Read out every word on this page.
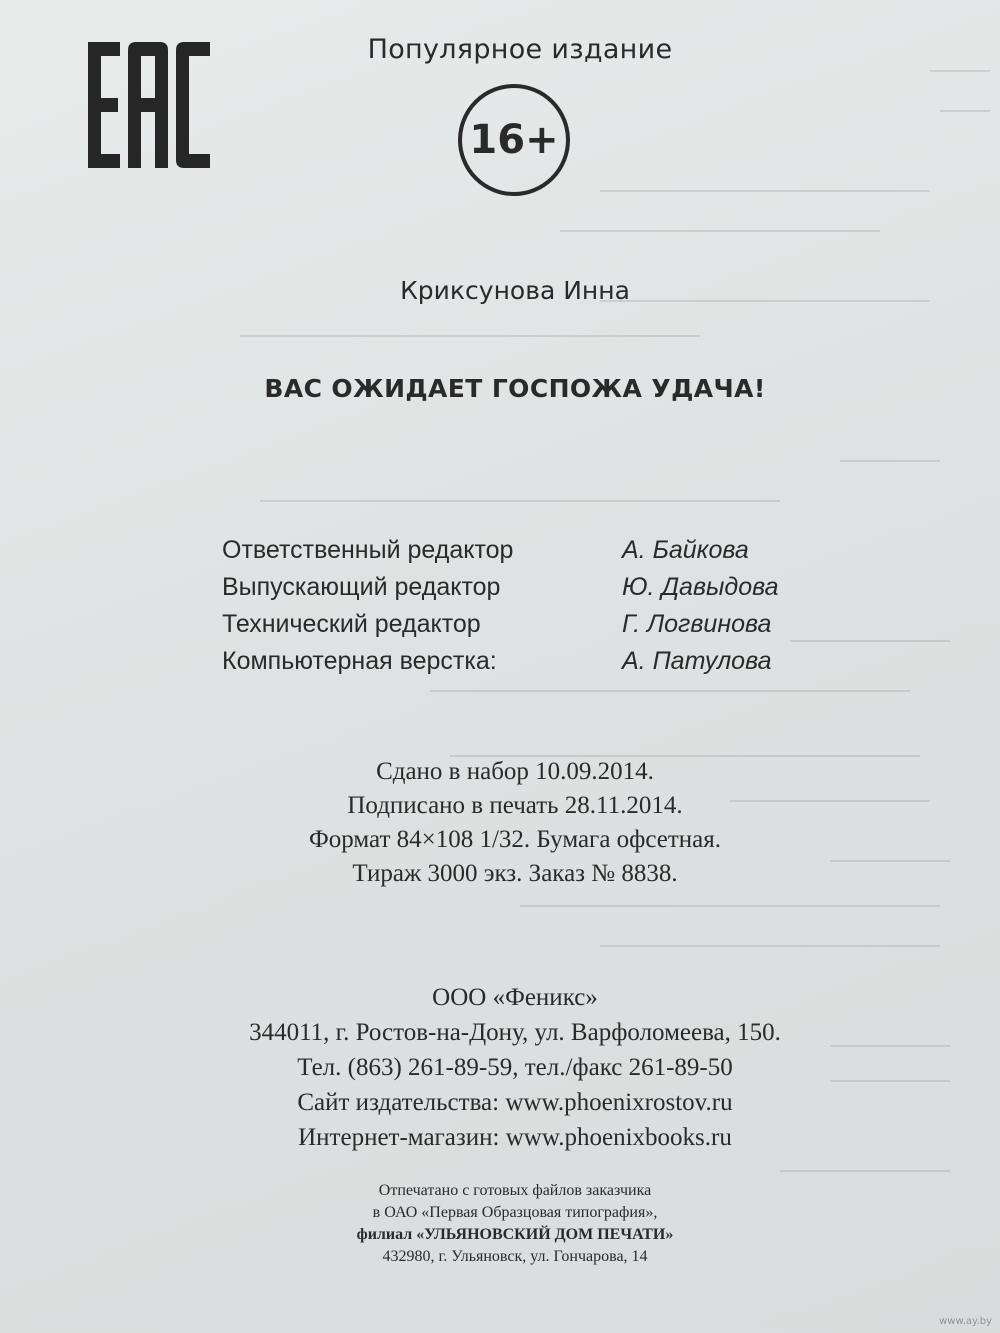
Популярное издание
16+
Криксунова Инна
ВАС ОЖИДАЕТ ГОСПОЖА УДАЧА!
Ответственный редактор	А. Байкова
Выпускающий редактор	Ю. Давыдова
Технический редактор	Г. Логвинова
Компьютерная верстка:	А. Патулова
Сдано в набор 10.09.2014.
Подписано в печать 28.11.2014.
Формат 84×108 1/32. Бумага офсетная.
Тираж 3000 экз. Заказ № 8838.
ООО «Феникс»
344011, г. Ростов-на-Дону, ул. Варфоломеева, 150.
Тел. (863) 261-89-59, тел./факс 261-89-50
Сайт издательства: www.phoenixrostov.ru
Интернет-магазин: www.phoenixbooks.ru
Отпечатано с готовых файлов заказчика
в ОАО «Первая Образцовая типография»,
филиал «УЛЬЯНОВСКИЙ ДОМ ПЕЧАТИ»
432980, г. Ульяновск, ул. Гончарова, 14
www.ay.by
